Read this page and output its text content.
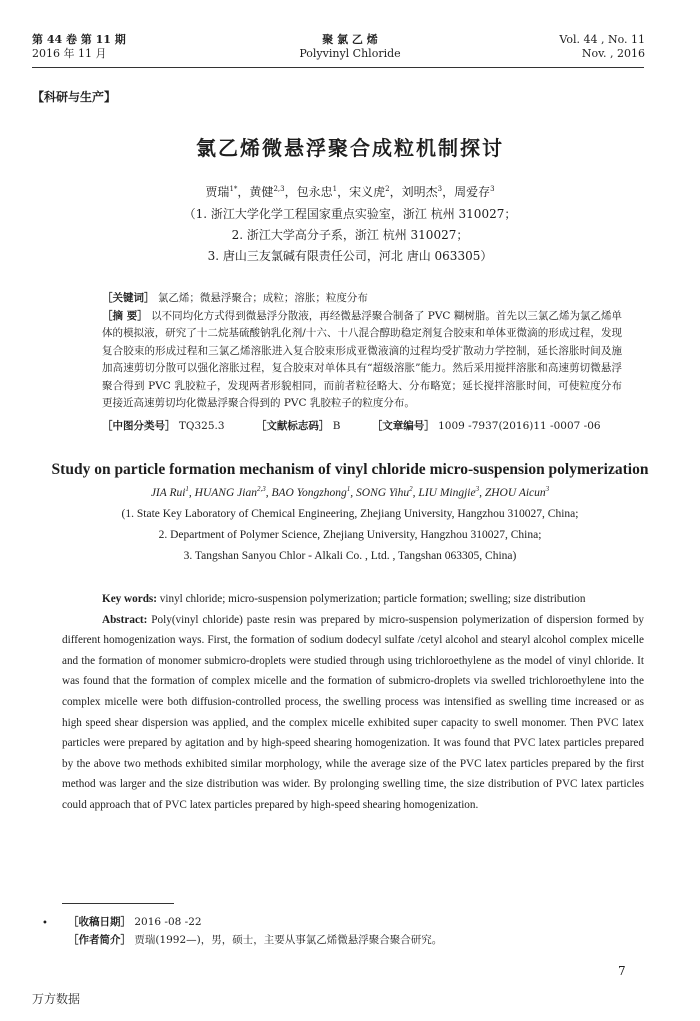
第 44 卷 第 11 期
2016 年 11 月
聚 氯 乙 烯
Polyvinyl Chloride
Vol. 44 , No. 11
Nov. , 2016
【科研与生产】
氯乙烯微悬浮聚合成粒机制探讨
贾瑞$^{1*}$，黄健$^{2,3}$，包永忠$^1$，宋义虎$^2$，刘明杰$^3$，周爱存$^3$
（1. 浙江大学化学工程国家重点实验室，浙江 杭州 310027；
2. 浙江大学高分子系，浙江 杭州 310027；
3. 唐山三友氯碱有限责任公司，河北 唐山 063305）

［关键词］ 氯乙烯；微悬浮聚合；成粒；溶胀；粒度分布

［摘 要］ 以不同均化方式得到微悬浮分散液，再经微悬浮聚合制备了 PVC 糊树脂。首先以三氯乙烯为氯乙烯单体的模拟液，研究了十二烷基硫酸钠乳化剂/十六、十八混合醇助稳定剂复合胶束和单体亚微滴的形成过程，发现复合胶束的形成过程和三氯乙烯溶胀进入复合胶束形成亚微液滴的过程均受扩散动力学控制，延长溶胀时间及施加高速剪切分散可以强化溶胀过程，复合胶束对单体具有“超级溶胀”能力。然后采用搅拌溶胀和高速剪切微悬浮聚合得到 PVC 乳胶粒子，发现两者形貌相同，而前者粒径略大、分布略宽；延长搅拌溶胀时间，可使粒度分布更接近高速剪切均化微悬浮聚合得到的 PVC 乳胶粒子的粒度分布。

［中图分类号］ TQ325.3	［文献标志码］ B	［文章编号］ 1009 -7937(2016)11 -0007 -06
Study on particle formation mechanism of vinyl chloride micro-suspension polymerization
JIA Rui$^1$, HUANG Jian$^{2,3}$, BAO Yongzhong$^1$, SONG Yihu$^2$, LIU Mingjie$^3$, ZHOU Aicun$^3$
(1. State Key Laboratory of Chemical Engineering, Zhejiang University, Hangzhou 310027, China;
2. Department of Polymer Science, Zhejiang University, Hangzhou 310027, China;
3. Tangshan Sanyou Chlor - Alkali Co. , Ltd. , Tangshan 063305, China)

Key words: vinyl chloride; micro-suspension polymerization; particle formation; swelling; size distribution

Abstract: Poly(vinyl chloride) paste resin was prepared by micro-suspension polymerization of dispersion formed by different homogenization ways. First, the formation of sodium dodecyl sulfate /cetyl alcohol and stearyl alcohol complex micelle and the formation of monomer submicro-droplets were studied through using trichloroethylene as the model of vinyl chloride. It was found that the formation of complex micelle and the formation of submicro-droplets via swelled trichloroethylene into the complex micelle were both diffusion-controlled process, the swelling process was intensified as swelling time increased or as high speed shear dispersion was applied, and the complex micelle exhibited super capacity to swell monomer. Then PVC latex particles were prepared by agitation and by high-speed shearing homogenization. It was found that PVC latex particles prepared by the above two methods exhibited similar morphology, while the average size of the PVC latex particles prepared by the first method was larger and the size distribution was wider. By prolonging swelling time, the size distribution of PVC latex particles could approach that of PVC latex particles prepared by high-speed shearing homogenization.

• ［收稿日期］ 2016 -08 -22
［作者简介］ 贾瑞(1992—)，男，硕士，主要从事氯乙烯微悬浮聚合聚合研究。
7
万方数据
